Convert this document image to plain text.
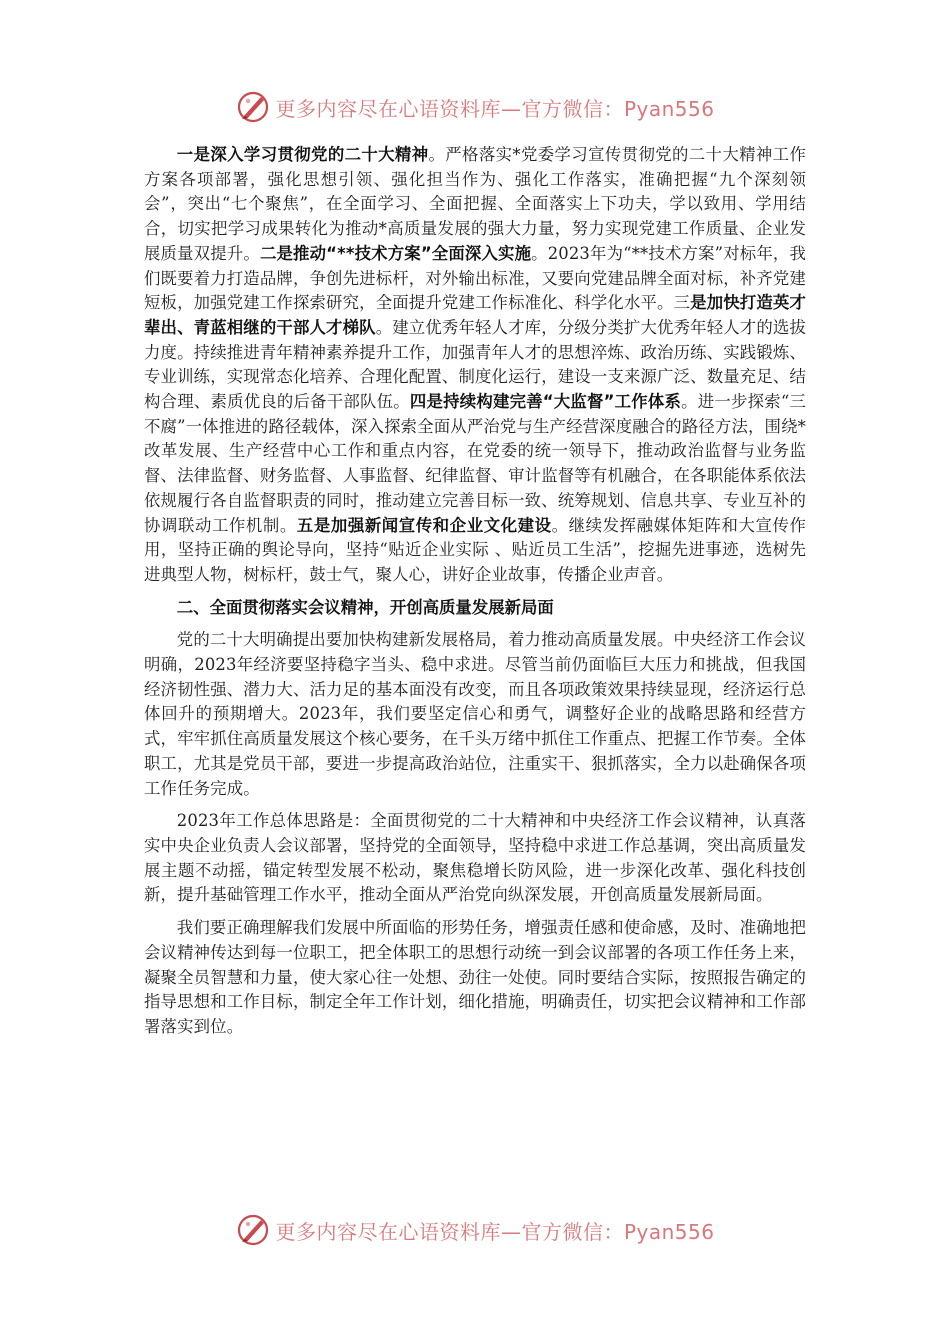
更多内容尽在心语资料库—官方微信：Pyan556

一是深入学习贯彻党的二十大精神。严格落实*党委学习宣传贯彻党的二十大精神工作方案各项部署，强化思想引领、强化担当作为、强化工作落实，准确把握“九个深刻领会”，突出“七个聚焦”，在全面学习、全面把握、全面落实上下功夫，学以致用、学用结合，切实把学习成果转化为推动*高质量发展的强大力量，努力实现党建工作质量、企业发展质量双提升。二是推动“**技术方案”全面深入实施。2023年为“**技术方案”对标年，我们既要着力打造品牌，争创先进标杆，对外输出标准，又要向党建品牌全面对标，补齐党建短板，加强党建工作探索研究，全面提升党建工作标准化、科学化水平。三是加快打造英才辈出、青蓝相继的干部人才梯队。建立优秀年轻人才库，分级分类扩大优秀年轻人才的选拔力度。持续推进青年精神素养提升工作，加强青年人才的思想淬炼、政治历练、实践锻炼、专业训练，实现常态化培养、合理化配置、制度化运行，建设一支来源广泛、数量充足、结构合理、素质优良的后备干部队伍。四是持续构建完善“大监督”工作体系。进一步探索“三不腐”一体推进的路径载体，深入探索全面从严治党与生产经营深度融合的路径方法，围绕*改革发展、生产经营中心工作和重点内容，在党委的统一领导下，推动政治监督与业务监督、法律监督、财务监督、人事监督、纪律监督、审计监督等有机融合，在各职能体系依法依规履行各自监督职责的同时，推动建立完善目标一致、统筹规划、信息共享、专业互补的协调联动工作机制。五是加强新闻宣传和企业文化建设。继续发挥融媒体矩阵和大宣传作用，坚持正确的舆论导向，坚持“贴近企业实际 、贴近员工生活”，挖掘先进事迹，选树先进典型人物，树标杆，鼓士气，聚人心，讲好企业故事，传播企业声音。

二、全面贯彻落实会议精神，开创高质量发展新局面

党的二十大明确提出要加快构建新发展格局，着力推动高质量发展。中央经济工作会议明确，2023年经济要坚持稳字当头、稳中求进。尽管当前仍面临巨大压力和挑战，但我国经济韧性强、潜力大、活力足的基本面没有改变，而且各项政策效果持续显现，经济运行总体回升的预期增大。2023年，我们要坚定信心和勇气，调整好企业的战略思路和经营方式，牢牢抓住高质量发展这个核心要务，在千头万绪中抓住工作重点、把握工作节奏。全体职工，尤其是党员干部，要进一步提高政治站位，注重实干、狠抓落实，全力以赴确保各项工作任务完成。

2023年工作总体思路是：全面贯彻党的二十大精神和中央经济工作会议精神，认真落实中央企业负责人会议部署，坚持党的全面领导，坚持稳中求进工作总基调，突出高质量发展主题不动摇，锚定转型发展不松动，聚焦稳增长防风险，进一步深化改革、强化科技创新，提升基础管理工作水平，推动全面从严治党向纵深发展，开创高质量发展新局面。

我们要正确理解我们发展中所面临的形势任务，增强责任感和使命感，及时、准确地把会议精神传达到每一位职工，把全体职工的思想行动统一到会议部署的各项工作任务上来，凝聚全员智慧和力量，使大家心往一处想、劲往一处使。同时要结合实际，按照报告确定的指导思想和工作目标，制定全年工作计划，细化措施，明确责任，切实把会议精神和工作部署落实到位。

更多内容尽在心语资料库—官方微信：Pyan556
